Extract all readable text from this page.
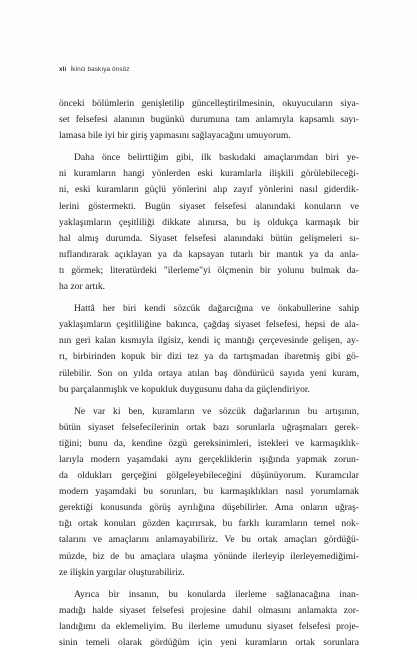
xli İkinci baskıya önsöz
önceki bölümlerin genişletilip güncelleştirilmesinin, okuyucuların siya-
set felsefesi alanının bugünkü durumuna tam anlamıyla kapsamlı sayı-
lamasa bile iyi bir giriş yapmasını sağlayacağını umuyorum.
Daha önce belirttiğim gibi, ilk baskıdaki amaçlarımdan biri ye-
ni kuramların hangi yönlerden eski kuramlarla ilişkili görülebileceği-
ni, eski kuramların güçlü yönlerini alıp zayıf yönlerini nasıl giderdik-
lerini göstermekti. Bugün siyaset felsefesi alanındaki konuların ve
yaklaşımların çeşitliliği dikkate alınırsa, bu iş oldukça karmaşık bir
hal almış durumda. Siyaset felsefesi alanındaki bütün gelişmeleri sı-
nıflandırarak açıklayan ya da kapsayan tutarlı bir mantık ya da anla-
tı görmek; literatürdeki "ilerleme"yi ölçmenin bir yolunu bulmak da-
ha zor artık.
Hattâ her biri kendi sözcük dağarcığına ve önkabullerine sahip
yaklaşımların çeşitliliğine bakınca, çağdaş siyaset felsefesi, hepsi de ala-
nın geri kalan kısmıyla ilgisiz, kendi iç mantığı çerçevesinde gelişen, ay-
rı, birbirinden kopuk bir dizi tez ya da tartışmadan ibaretmiş gibi gö-
rülebilir. Son on yılda ortaya atılan baş döndürücü sayıda yeni kuram,
bu parçalanmışlık ve kopukluk duygusunu daha da güçlendiriyor.
Ne var ki ben, kuramların ve sözcük dağarlarının bu artışının,
bütün siyaset felsefecilerinin ortak bazı sorunlarla uğraşmaları gerek-
tiğini; bunu da, kendine özgü gereksinimleri, istekleri ve karmaşıklık-
larıyla modern yaşamdaki aynı gerçekliklerin ışığında yapmak zorun-
da oldukları gerçeğini gölgeleyebileceğini düşünüyorum. Kuramcılar
modern yaşamdaki bu sorunları, bu karmaşıklıkları nasıl yorumlamak
gerektiği konusunda görüş ayrılığına düşebilirler. Ama onların uğraş-
tığı ortak konuları gözden kaçırırsak, bu farklı kuramların temel nok-
talarını ve amaçlarını anlamayabiliriz. Ve bu ortak amaçları gördüğü-
müzde, biz de bu amaçlara ulaşma yönünde ilerleyip ilerleyemediğimi-
ze ilişkin yargılar oluşturabiliriz.
Ayrıca bir insanın, bu konularda ilerleme sağlanacağına inan-
madığı halde siyaset felsefesi projesine dahil olmasını anlamakta zor-
landığımı da eklemeliyim. Bu ilerleme umudunu siyaset felsefesi proje-
sinin temeli olarak gördüğüm için yeni kuramların ortak sorunlara
